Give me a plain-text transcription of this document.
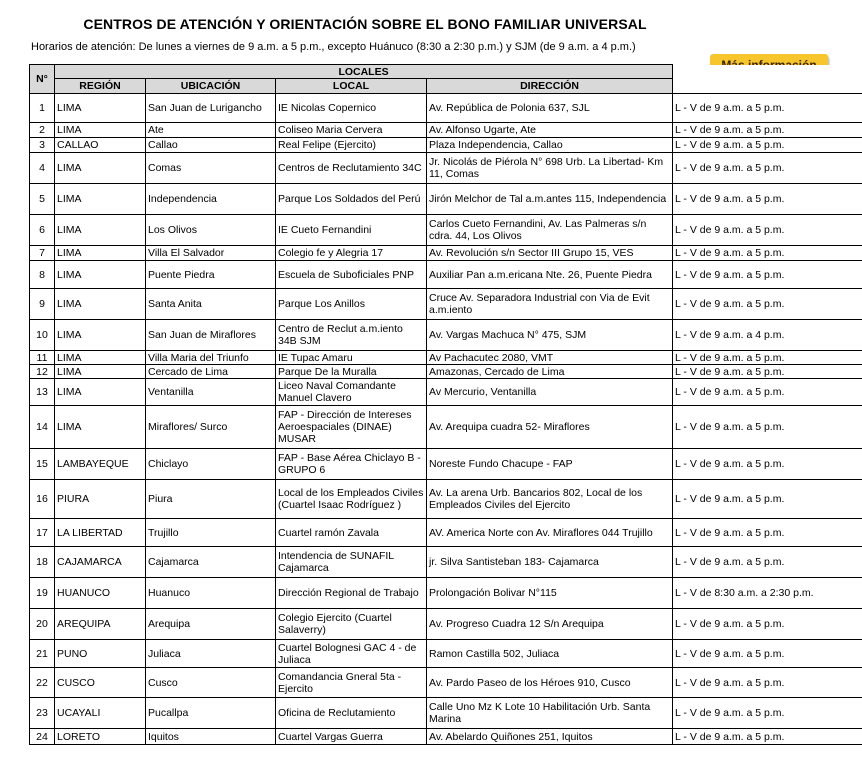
CENTROS DE ATENCIÓN Y ORIENTACIÓN SOBRE EL BONO FAMILIAR UNIVERSAL
Horarios de atención: De lunes a viernes de 9 a.m. a 5 p.m., excepto Huánuco (8:30 a 2:30 p.m.) y SJM (de 9 a.m. a 4 p.m.)
N°	LOCALES				
	REGIÓN	UBICACIÓN	LOCAL	DIRECCIÓN	
1	LIMA	San Juan de Lurigancho	IE Nicolas Copernico	Av. República de Polonia 637, SJL	L - V de 9 a.m. a 5 p.m.
2	LIMA	Ate	Coliseo Maria Cervera	Av. Alfonso Ugarte, Ate	L - V de 9 a.m. a 5 p.m.
3	CALLAO	Callao	Real Felipe (Ejercito)	Plaza Independencia, Callao	L - V de 9 a.m. a 5 p.m.
4	LIMA	Comas	Centros de Reclutamiento 34C	Jr. Nicolás de Piérola N° 698 Urb. La Libertad- Km 11, Comas	L - V de 9 a.m. a 5 p.m.
5	LIMA	Independencia	Parque Los Soldados del Perú	Jirón Melchor de Tal a.m.antes 115, Independencia	L - V de 9 a.m. a 5 p.m.
6	LIMA	Los Olivos	IE Cueto Fernandini	Carlos Cueto Fernandini, Av. Las Palmeras s/n cdra. 44, Los Olivos	L - V de 9 a.m. a 5 p.m.
7	LIMA	Villa El Salvador	Colegio fe y Alegria 17	Av. Revolución s/n Sector III Grupo 15, VES	L - V de 9 a.m. a 5 p.m.
8	LIMA	Puente Piedra	Escuela de Suboficiales PNP	Auxiliar Pan a.m.ericana Nte. 26, Puente Piedra	L - V de 9 a.m. a 5 p.m.
9	LIMA	Santa Anita	Parque Los Anillos	Cruce Av. Separadora Industrial con Via de Evit a.m.iento	L - V de 9 a.m. a 5 p.m.
10	LIMA	San Juan de Miraflores	Centro de Reclut a.m.iento 34B SJM	Av. Vargas Machuca N° 475, SJM	L - V de 9 a.m. a 4 p.m.
11	LIMA	Villa Maria del Triunfo	IE Tupac Amaru	Av Pachacutec 2080, VMT	L - V de 9 a.m. a 5 p.m.
12	LIMA	Cercado de Lima	Parque De la Muralla	Amazonas, Cercado de Lima	L - V de 9 a.m. a 5 p.m.
13	LIMA	Ventanilla	Liceo Naval Comandante Manuel Clavero	Av Mercurio, Ventanilla	L - V de 9 a.m. a 5 p.m.
14	LIMA	Miraflores/ Surco	FAP - Dirección de Intereses Aeroespaciales (DINAE) MUSAR	Av. Arequipa cuadra 52- Miraflores	L - V de 9 a.m. a 5 p.m.
15	LAMBAYEQUE	Chiclayo	FAP - Base Aérea Chiclayo B - GRUPO 6	Noreste Fundo Chacupe - FAP	L - V de 9 a.m. a 5 p.m.
16	PIURA	Piura	Local de los Empleados Civiles (Cuartel Isaac Rodríguez )	Av. La arena Urb. Bancarios 802, Local de los Empleados Civiles del Ejercito	L - V de 9 a.m. a 5 p.m.
17	LA LIBERTAD	Trujillo	Cuartel ramón Zavala	AV. America Norte con Av. Miraflores 044 Trujillo	L - V de 9 a.m. a 5 p.m.
18	CAJAMARCA	Cajamarca	Intendencia de SUNAFIL Cajamarca	jr. Silva Santisteban 183- Cajamarca	L - V de 9 a.m. a 5 p.m.
19	HUANUCO	Huanuco	Dirección Regional de Trabajo	Prolongación Bolivar N°115	L - V de 8:30 a.m. a 2:30 p.m.
20	AREQUIPA	Arequipa	Colegio Ejercito (Cuartel Salaverry)	Av. Progreso Cuadra 12 S/n Arequipa	L - V de 9 a.m. a 5 p.m.
21	PUNO	Juliaca	Cuartel Bolognesi GAC 4 - de Juliaca	Ramon Castilla 502, Juliaca	L - V de 9 a.m. a 5 p.m.
22	CUSCO	Cusco	Comandancia Gneral 5ta - Ejercito	Av. Pardo Paseo de los Héroes 910, Cusco	L - V de 9 a.m. a 5 p.m.
23	UCAYALI	Pucallpa	Oficina de Reclutamiento	Calle Uno Mz K Lote 10 Habilitación Urb. Santa Marina	L - V de 9 a.m. a 5 p.m.
24	LORETO	Iquitos	Cuartel Vargas Guerra	Av. Abelardo Quiñones 251, Iquitos	L - V de 9 a.m. a 5 p.m.
